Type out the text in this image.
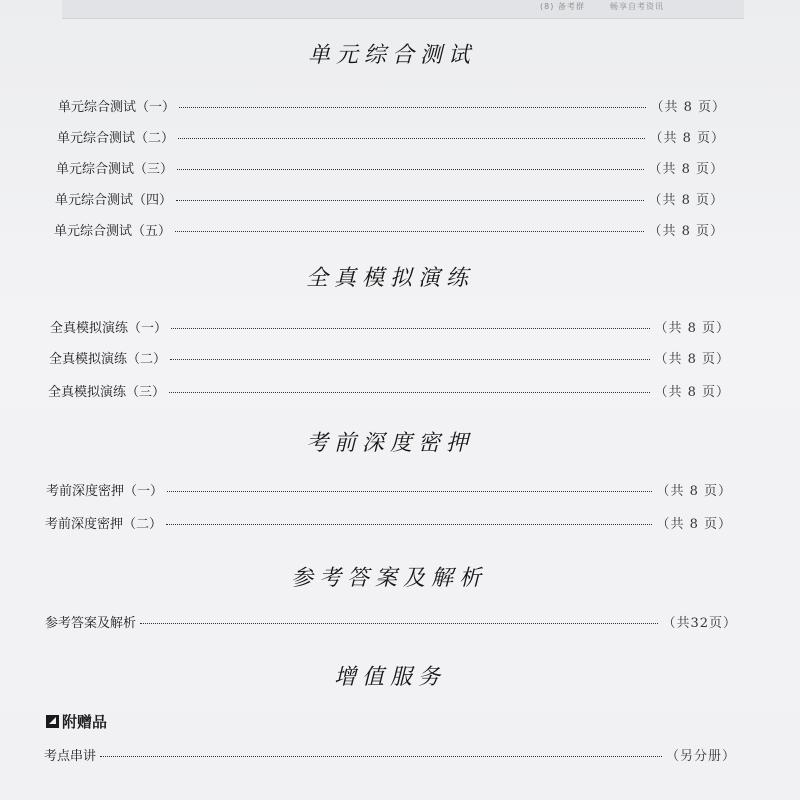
(8) 备考群 　　 畅享自考资讯
单元综合测试
单元综合测试（一）	（共 8 页）
单元综合测试（二）	（共 8 页）
单元综合测试（三）	（共 8 页）
单元综合测试（四）	（共 8 页）
单元综合测试（五）	（共 8 页）
全真模拟演练
全真模拟演练（一）	（共 8 页）
全真模拟演练（二）	（共 8 页）
全真模拟演练（三）	（共 8 页）
考前深度密押
考前深度密押（一）	（共 8 页）
考前深度密押（二）	（共 8 页）
参考答案及解析
参考答案及解析	（共32页）
增值服务
附赠品
考点串讲	（另分册）
